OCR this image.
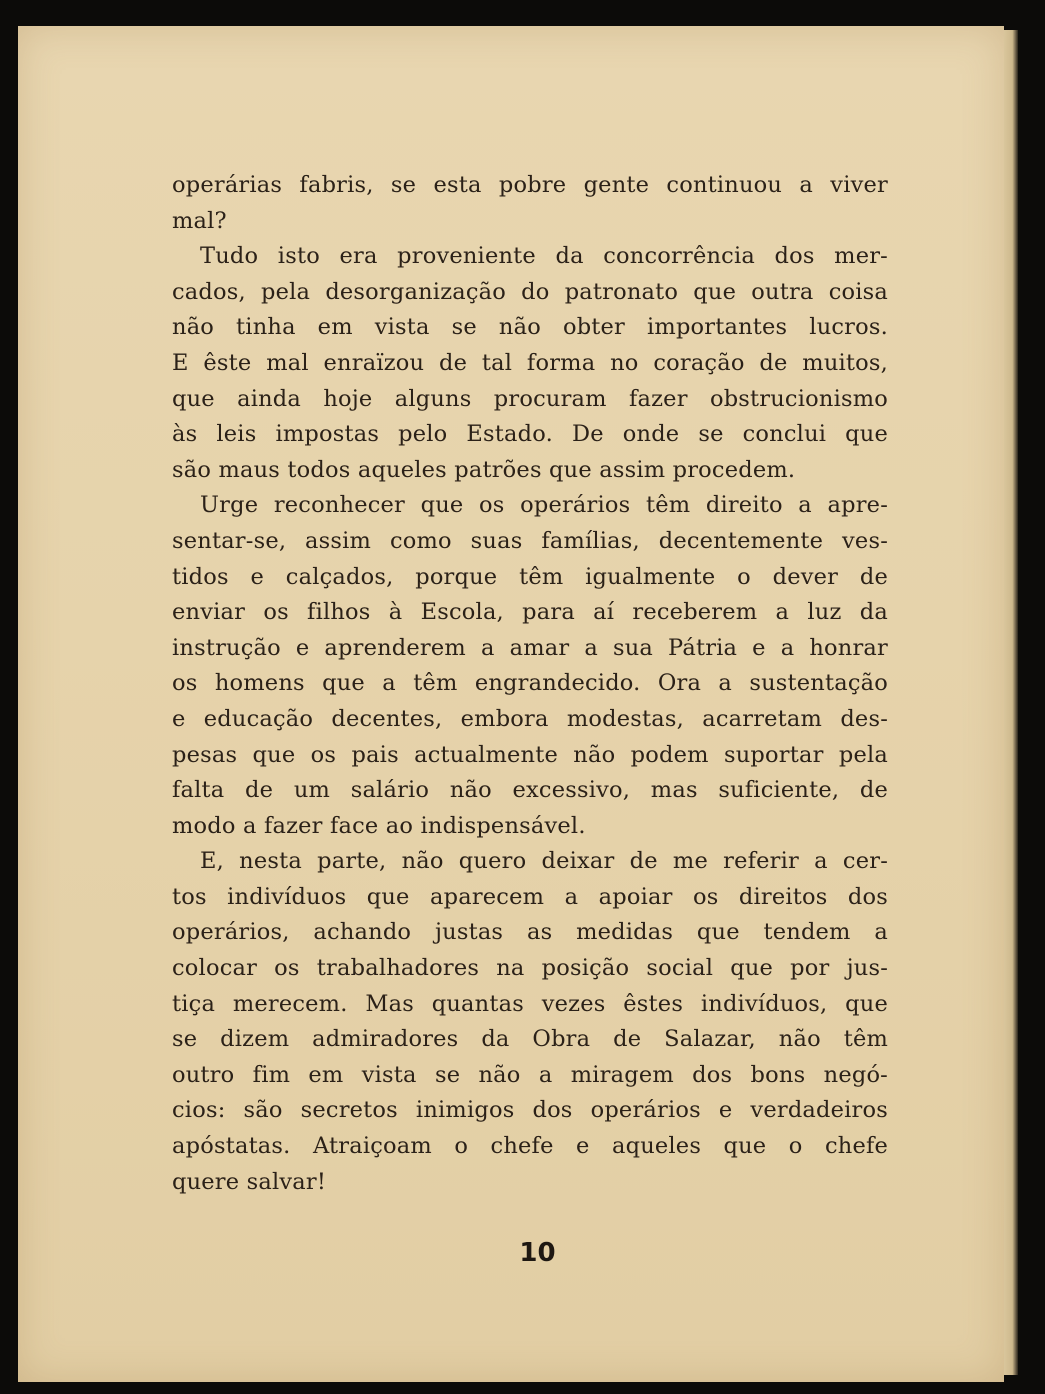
operárias fabris, se esta pobre gente continuou a viver
mal?
Tudo isto era proveniente da concorrência dos mer-
cados, pela desorganização do patronato que outra coisa
não tinha em vista se não obter importantes lucros.
E êste mal enraïzou de tal forma no coração de muitos,
que ainda hoje alguns procuram fazer obstrucionismo
às leis impostas pelo Estado. De onde se conclui que
são maus todos aqueles patrões que assim procedem.
Urge reconhecer que os operários têm direito a apre-
sentar-se, assim como suas famílias, decentemente ves-
tidos e calçados, porque têm igualmente o dever de
enviar os filhos à Escola, para aí receberem a luz da
instrução e aprenderem a amar a sua Pátria e a honrar
os homens que a têm engrandecido. Ora a sustentação
e educação decentes, embora modestas, acarretam des-
pesas que os pais actualmente não podem suportar pela
falta de um salário não excessivo, mas suficiente, de
modo a fazer face ao indispensável.
E, nesta parte, não quero deixar de me referir a cer-
tos indivíduos que aparecem a apoiar os direitos dos
operários, achando justas as medidas que tendem a
colocar os trabalhadores na posição social que por jus-
tiça merecem. Mas quantas vezes êstes indivíduos, que
se dizem admiradores da Obra de Salazar, não têm
outro fim em vista se não a miragem dos bons negó-
cios: são secretos inimigos dos operários e verdadeiros
apóstatas. Atraiçoam o chefe e aqueles que o chefe
quere salvar!
10
